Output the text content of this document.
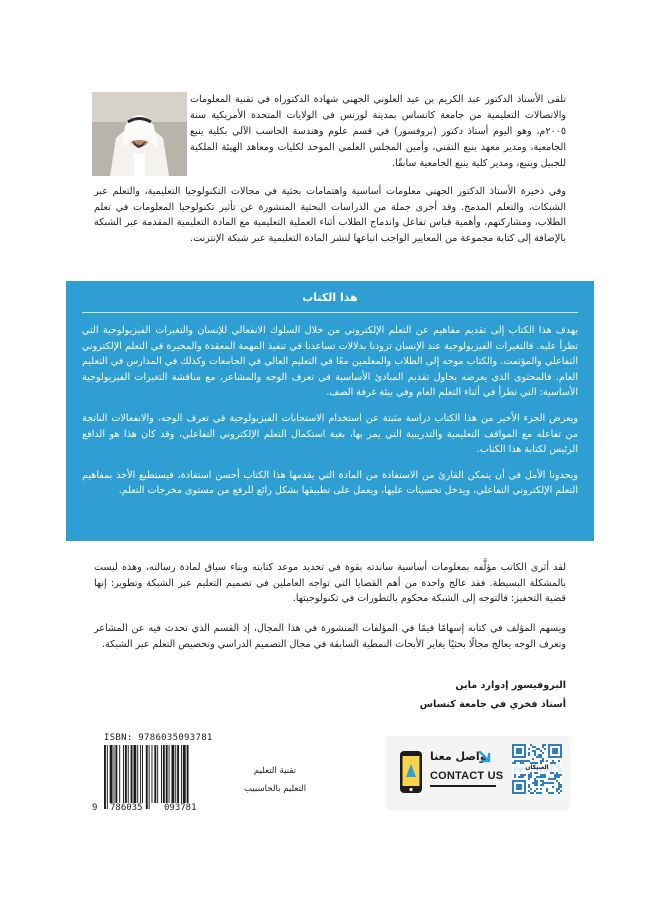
تلقى الأستاذ الدكتور عبد الكريم بن عيد العلوني الجهني شهادة الدكتوراه في تقنية المعلومات والاتصالات التعليمية من جامعة كانساس بمدينة لورنس في الولايات المتحدة الأمريكية سنة ٢٠٠٥م، وهو اليوم أستاذ دكتور (بروفسور) في قسم علوم وهندسة الحاسب الآلي بكلية ينبع الجامعية، ومدير معهد ينبع التقني، وأمين المجلس العلمي الموحد لكليات ومعاهد الهيئة الملكية للجبيل وينبع، ومدير كلية ينبع الجامعية سابقًا.

وفي ذخيرة الأستاذ الدكتور الجهني معلومات أساسية واهتمامات بحثية في مجالات التكنولوجيا التعليمية، والتعلم عبر الشبكات، والتعلم المدمج. وقد أجرى جملة من الدراسات البحثية المنشورة عن تأثير تكنولوجيا المعلومات في تعلم الطلاب، ومشاركتهم، وأهمية قياس تفاعل واندماج الطلاب أثناء العملية التعليمية مع المادة التعليمية المقدمة عبر الشبكة بالإضافة إلى كتابة مجموعة من المعايير الواجب اتباعها لنشر المادة التعليمية عبر شبكة الإنترنت.

هذا الكتاب

يهدف هذا الكتاب إلى تقديم مفاهيم عن التعلم الإلكتروني من خلال السلوك الانفعالي للإنسان والتغيرات الفيزيولوجية التي تطرأ عليه. فالتغيرات الفيزيولوجية عند الإنسان تزودنا بدلالات تساعدنا في تنفيذ المهمة المعقدة والمحيرة في التعلم الإلكتروني التفاعلي والمؤتمت. والكتاب موجه إلى الطلاب والمعلمين معًا في التعليم العالي في الجامعات وكذلك في المدارس في التعليم العام. فالمحتوى الذي يعرضه يحاول تقديم المبادئ الأساسية في تعرف الوجه والمشاعر، مع مناقشة التغيرات الفيزيولوجية الأساسية: التي تطرأ في أثناء التعلم العام وفي بيئة غرفة الصف.

ويعرض الجزء الأخير من هذا الكتاب دراسة مثبتة عن استخدام الاستجابات الفيزيولوجية في تعرف الوجه، والانفعالات الناتجة من تفاعله مع المواقف التعليمية والتدريبية التي يمر بها، بغية استكمال التعلم الإلكتروني التفاعلي، وقد كان هذا هو الدافع الرئيس لكتابة هذا الكتاب.

ويحدونا الأمل في أن يتمكن القارئ من الاستفادة من المادة التي يقدمها هذا الكتاب أحسن استفادة، فيستطيع الأخذ بمفاهيم التعلم الإلكتروني التفاعلي، ويدخل تحسينات عليها، ويعمل على تطبيقها بشكل رائع للرفع من مستوى مخرجات التعلم.

لقد أثرى الكاتب مؤلَّفه بمعلومات أساسية ساندته بقوة في تحديد موعد كتابته وبناء سياق لمادة رسالته، وهذه ليست بالمشكلة البسيطة. فقد عالج واحدة من أهم القضايا التي تواجه العاملين في تصميم التعليم عبر الشبكة وتطوير: إنها قضية التحفيز: فالتوجه إلى الشبكة محكوم بالتطورات في تكنولوجيتها.

ويسهم المؤلف في كتابه إسهامًا قيمًا في المؤلفات المنشورة في هذا المجال، إذ القسم الذي تحدث فيه عن المشاعر وتعرف الوجه يعالج مجالًا بحثيًا يغاير الأبحاث النمطية السابقة في مجال التصميم الدراسي وتخصيص التعلم عبر الشبكة.

البروفيسور إدوارد ماين
أستاذ فخري في جامعة كنساس
ISBN: 9786035093781
9 786035 093781
تقنية التعليم
التعليم بالحاسبيب
تواصل معنا
CONTACT US
العبيكان
